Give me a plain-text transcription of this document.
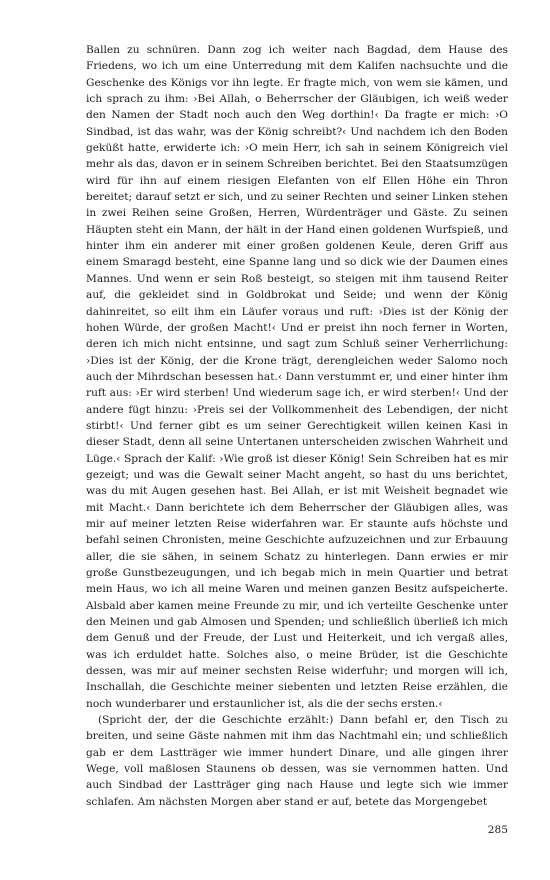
Ballen zu schnüren. Dann zog ich weiter nach Bagdad, dem Hause des Friedens, wo ich um eine Unterredung mit dem Kalifen nachsuchte und die Geschenke des Königs vor ihn legte. Er fragte mich, von wem sie kämen, und ich sprach zu ihm: ›Bei Allah, o Beherrscher der Gläubigen, ich weiß weder den Namen der Stadt noch auch den Weg dorthin!‹ Da fragte er mich: ›O Sindbad, ist das wahr, was der König schreibt?‹ Und nachdem ich den Boden geküßt hatte, erwiderte ich: ›O mein Herr, ich sah in seinem Königreich viel mehr als das, davon er in seinem Schreiben berichtet. Bei den Staatsumzügen wird für ihn auf einem riesigen Elefanten von elf Ellen Höhe ein Thron bereitet; darauf setzt er sich, und zu seiner Rechten und seiner Linken stehen in zwei Reihen seine Großen, Herren, Würdenträger und Gäste. Zu seinen Häupten steht ein Mann, der hält in der Hand einen goldenen Wurfspieß, und hinter ihm ein anderer mit einer großen goldenen Keule, deren Griff aus einem Smaragd besteht, eine Spanne lang und so dick wie der Daumen eines Mannes. Und wenn er sein Roß besteigt, so steigen mit ihm tausend Reiter auf, die gekleidet sind in Goldbrokat und Seide; und wenn der König dahinreitet, so eilt ihm ein Läufer voraus und ruft: ›Dies ist der König der hohen Würde, der großen Macht!‹ Und er preist ihn noch ferner in Worten, deren ich mich nicht entsinne, und sagt zum Schluß seiner Verherrlichung: ›Dies ist der König, der die Krone trägt, derengleichen weder Salomo noch auch der Mihrdschan besessen hat.‹ Dann verstummt er, und einer hinter ihm ruft aus: ›Er wird sterben! Und wiederum sage ich, er wird sterben!‹ Und der andere fügt hinzu: ›Preis sei der Vollkommenheit des Lebendigen, der nicht stirbt!‹ Und ferner gibt es um seiner Gerechtigkeit willen keinen Kasi in dieser Stadt, denn all seine Untertanen unterscheiden zwischen Wahrheit und Lüge.‹ Sprach der Kalif: ›Wie groß ist dieser König! Sein Schreiben hat es mir gezeigt; und was die Gewalt seiner Macht angeht, so hast du uns berichtet, was du mit Augen gesehen hast. Bei Allah, er ist mit Weisheit begnadet wie mit Macht.‹ Dann berichtete ich dem Beherrscher der Gläubigen alles, was mir auf meiner letzten Reise widerfahren war. Er staunte aufs höchste und befahl seinen Chronisten, meine Geschichte aufzuzeichnen und zur Erbauung aller, die sie sähen, in seinem Schatz zu hinterlegen. Dann erwies er mir große Gunstbezeugungen, und ich begab mich in mein Quartier und betrat mein Haus, wo ich all meine Waren und meinen ganzen Besitz aufspeicherte. Alsbald aber kamen meine Freunde zu mir, und ich verteilte Geschenke unter den Meinen und gab Almosen und Spenden; und schließlich überließ ich mich dem Genuß und der Freude, der Lust und Heiterkeit, und ich vergaß alles, was ich erduldet hatte. Solches also, o meine Brüder, ist die Geschichte dessen, was mir auf meiner sechsten Reise widerfuhr; und morgen will ich, Inschallah, die Geschichte meiner siebenten und letzten Reise erzählen, die noch wunderbarer und erstaunlicher ist, als die der sechs ersten.‹

(Spricht der, der die Geschichte erzählt:) Dann befahl er, den Tisch zu breiten, und seine Gäste nahmen mit ihm das Nachtmahl ein; und schließlich gab er dem Lastträger wie immer hundert Dinare, und alle gingen ihrer Wege, voll maßlosen Staunens ob dessen, was sie vernommen hatten. Und auch Sindbad der Lastträger ging nach Hause und legte sich wie immer schlafen. Am nächsten Morgen aber stand er auf, betete das Morgengebet

285
